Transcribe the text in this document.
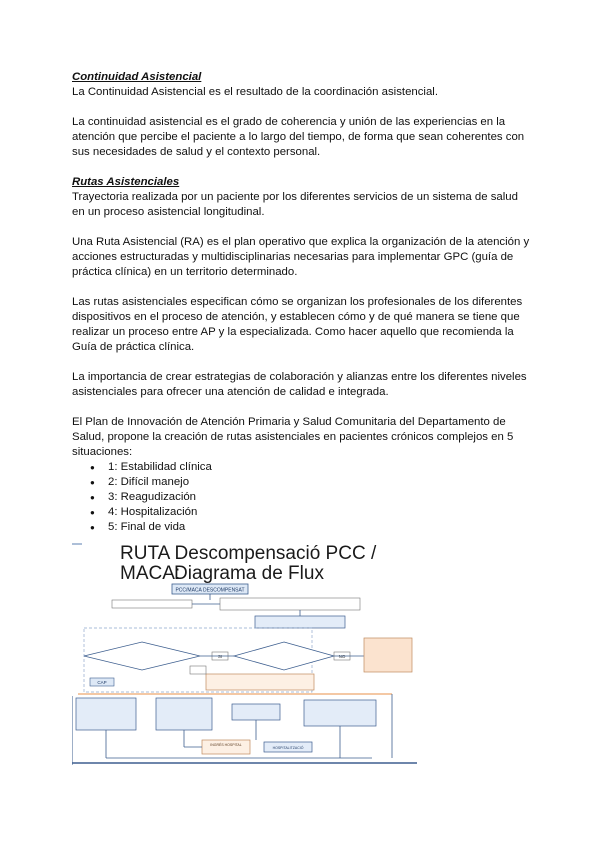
Continuidad Asistencial

La Continuidad Asistencial es el resultado de la coordinación asistencial.

La continuidad asistencial es el grado de coherencia y unión de las experiencias en la atención que percibe el paciente a lo largo del tiempo, de forma que sean coherentes con sus necesidades de salud y el contexto personal.

Rutas Asistenciales

Trayectoria realizada por un paciente por los diferentes servicios de un sistema de salud en un proceso asistencial longitudinal.

Una Ruta Asistencial (RA) es el plan operativo que explica la organización de la atención y acciones estructuradas y multidisciplinarias necesarias para implementar GPC (guía de práctica clínica) en un territorio determinado.

Las rutas asistenciales especifican cómo se organizan los profesionales de los diferentes dispositivos en el proceso de atención, y establecen cómo y de qué manera se tiene que realizar un proceso entre AP y la especializada. Como hacer aquello que recomienda la Guía de práctica clínica.

La importancia de crear estrategias de colaboración y alianzas entre los diferentes niveles asistenciales para ofrecer una atención de calidad e integrada.

El Plan de Innovación de Atención Primaria y Salud Comunitaria del Departamento de Salud, propone la creación de rutas asistenciales en pacientes crónicos complejos en 5 situaciones:

● 1: Estabilidad clínica
● 2: Difícil manejo
● 3: Reagudización
● 4: Hospitalización
● 5: Final de vida
RUTA Descompensació PCC / MACA:
Diagrama de Flux
PCC/MACA DESCOMPENSAT
SI	NO
CAP
INGRÉS HOSPITAL
HOSPITALITZACIÓ
